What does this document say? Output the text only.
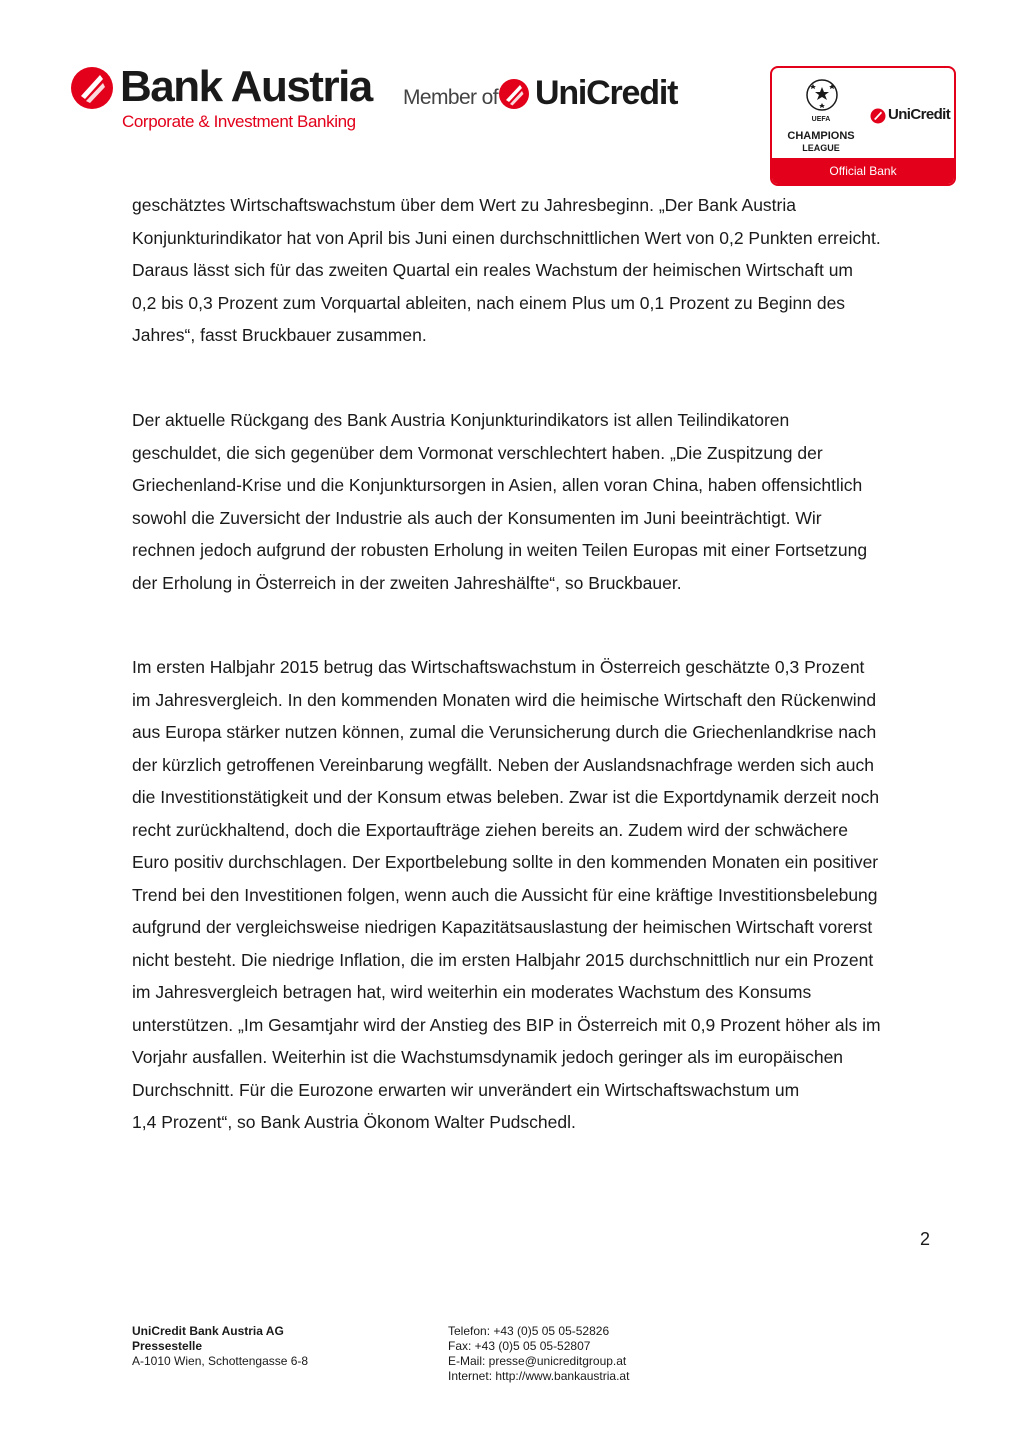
Bank Austria
Corporate & Investment Banking
Member of UniCredit
UEFA
CHAMPIONS
LEAGUE
UniCredit
Official Bank
geschätztes Wirtschaftswachstum über dem Wert zu Jahresbeginn. „Der Bank Austria
Konjunkturindikator hat von April bis Juni einen durchschnittlichen Wert von 0,2 Punkten erreicht.
Daraus lässt sich für das zweiten Quartal ein reales Wachstum der heimischen Wirtschaft um
0,2 bis 0,3 Prozent zum Vorquartal ableiten, nach einem Plus um 0,1 Prozent zu Beginn des
Jahres“, fasst Bruckbauer zusammen.
Der aktuelle Rückgang des Bank Austria Konjunkturindikators ist allen Teilindikatoren
geschuldet, die sich gegenüber dem Vormonat verschlechtert haben. „Die Zuspitzung der
Griechenland-Krise und die Konjunktursorgen in Asien, allen voran China, haben offensichtlich
sowohl die Zuversicht der Industrie als auch der Konsumenten im Juni beeinträchtigt. Wir
rechnen jedoch aufgrund der robusten Erholung in weiten Teilen Europas mit einer Fortsetzung
der Erholung in Österreich in der zweiten Jahreshälfte“, so Bruckbauer.
Im ersten Halbjahr 2015 betrug das Wirtschaftswachstum in Österreich geschätzte 0,3 Prozent
im Jahresvergleich. In den kommenden Monaten wird die heimische Wirtschaft den Rückenwind
aus Europa stärker nutzen können, zumal die Verunsicherung durch die Griechenlandkrise nach
der kürzlich getroffenen Vereinbarung wegfällt. Neben der Auslandsnachfrage werden sich auch
die Investitionstätigkeit und der Konsum etwas beleben. Zwar ist die Exportdynamik derzeit noch
recht zurückhaltend, doch die Exportaufträge ziehen bereits an. Zudem wird der schwächere
Euro positiv durchschlagen. Der Exportbelebung sollte in den kommenden Monaten ein positiver
Trend bei den Investitionen folgen, wenn auch die Aussicht für eine kräftige Investitionsbelebung
aufgrund der vergleichsweise niedrigen Kapazitätsauslastung der heimischen Wirtschaft vorerst
nicht besteht. Die niedrige Inflation, die im ersten Halbjahr 2015 durchschnittlich nur ein Prozent
im Jahresvergleich betragen hat, wird weiterhin ein moderates Wachstum des Konsums
unterstützen. „Im Gesamtjahr wird der Anstieg des BIP in Österreich mit 0,9 Prozent höher als im
Vorjahr ausfallen. Weiterhin ist die Wachstumsdynamik jedoch geringer als im europäischen
Durchschnitt. Für die Eurozone erwarten wir unverändert ein Wirtschaftswachstum um
1,4 Prozent“, so Bank Austria Ökonom Walter Pudschedl.
2
UniCredit Bank Austria AG
Pressestelle
A-1010 Wien, Schottengasse 6-8
Telefon: +43 (0)5 05 05-52826
Fax: +43 (0)5 05 05-52807
E-Mail: presse@unicreditgroup.at
Internet: http://www.bankaustria.at
